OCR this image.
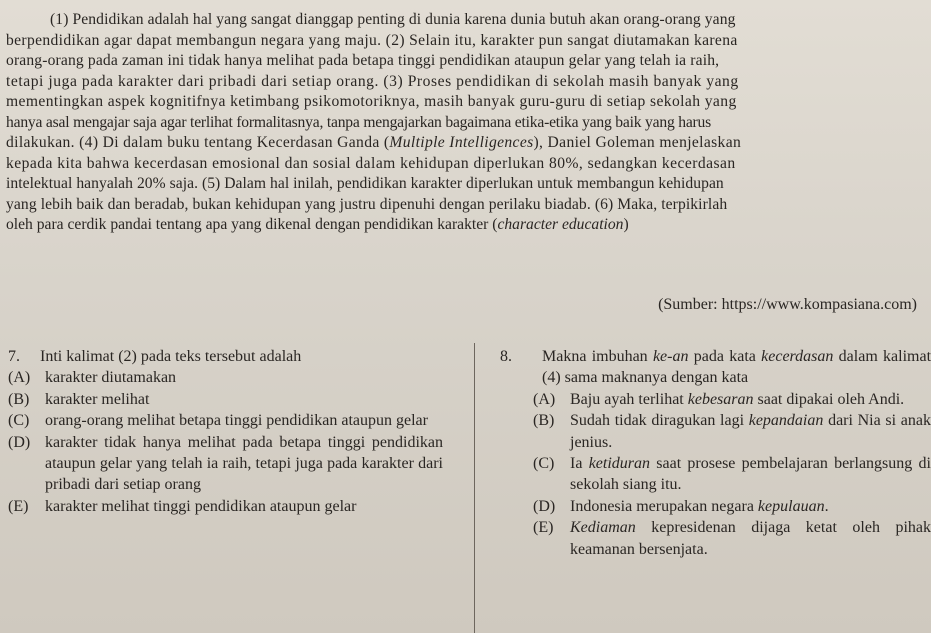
(1) Pendidikan adalah hal yang sangat dianggap penting di dunia karena dunia butuh akan orang-orang yang
berpendidikan agar dapat membangun negara yang maju. (2) Selain itu, karakter pun sangat diutamakan karena
orang-orang pada zaman ini tidak hanya melihat pada betapa tinggi pendidikan ataupun gelar yang telah ia raih,
tetapi juga pada karakter dari pribadi dari setiap orang. (3) Proses pendidikan di sekolah masih banyak yang
mementingkan aspek kognitifnya ketimbang psikomotoriknya, masih banyak guru-guru di setiap sekolah yang
hanya asal mengajar saja agar terlihat formalitasnya, tanpa mengajarkan bagaimana etika-etika yang baik yang harus
dilakukan. (4) Di dalam buku tentang Kecerdasan Ganda (Multiple Intelligences), Daniel Goleman menjelaskan
kepada kita bahwa kecerdasan emosional dan sosial dalam kehidupan diperlukan 80%, sedangkan kecerdasan
intelektual hanyalah 20% saja. (5) Dalam hal inilah, pendidikan karakter diperlukan untuk membangun kehidupan
yang lebih baik dan beradab, bukan kehidupan yang justru dipenuhi dengan perilaku biadab. (6) Maka, terpikirlah
oleh para cerdik pandai tentang apa yang dikenal dengan pendidikan karakter (character education)

(Sumber: https://www.kompasiana.com)
7.	Inti kalimat (2) pada teks tersebut adalah
(A) karakter diutamakan
(B) karakter melihat
(C) orang-orang melihat betapa tinggi pendidikan ataupun gelar
(D) karakter tidak hanya melihat pada betapa tinggi pendidikan ataupun gelar yang telah ia raih, tetapi juga pada karakter dari pribadi dari setiap orang
(E)	karakter melihat tinggi pendidikan ataupun gelar
8.	Makna imbuhan ke-an pada kata kecerdasan dalam kalimat (4) sama maknanya dengan kata
(A) Baju ayah terlihat kebesaran saat dipakai oleh Andi.
(B) Sudah tidak diragukan lagi kepandaian dari Nia si anak jenius.
(C) Ia ketiduran saat prosese pembelajaran berlangsung di sekolah siang itu.
(D) Indonesia merupakan negara kepulauan.
(E)	Kediaman kepresidenan dijaga ketat oleh pihak keamanan bersenjata.
